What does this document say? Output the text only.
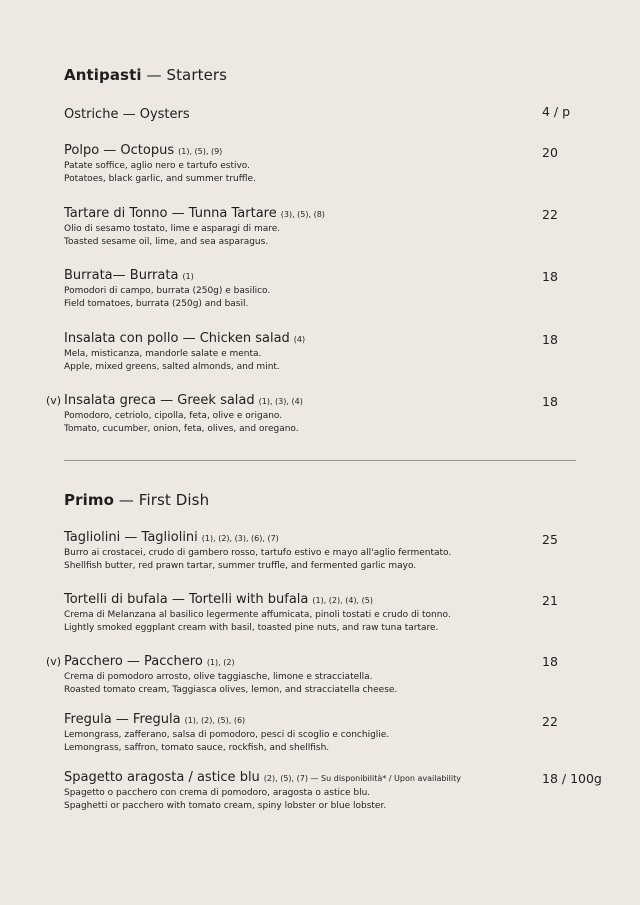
Antipasti — Starters
Ostriche — Oysters	4 / p
Polpo — Octopus (1), (5), (9)
Patate soffice, aglio nero e tartufo estivo.
Potatoes, black garlic, and summer truffle.
20
Tartare di Tonno — Tunna Tartare (3), (5), (8)
Olio di sesamo tostato, lime e asparagi di mare.
Toasted sesame oil, lime, and sea asparagus.
22
Burrata— Burrata (1)
Pomodori di campo, burrata (250g) e basilico.
Field tomatoes, burrata (250g) and basil.
18
Insalata con pollo — Chicken salad (4)
Mela, misticanza, mandorle salate e menta.
Apple, mixed greens, salted almonds, and mint.
18
(v) Insalata greca — Greek salad (1), (3), (4)
Pomodoro, cetriolo, cipolla, feta, olive e origano.
Tomato, cucumber, onion, feta, olives, and oregano.
18
Primo — First Dish
Tagliolini — Tagliolini (1), (2), (3), (6), (7)
Burro ai crostacei, crudo di gambero rosso, tartufo estivo e mayo all'aglio fermentato.
Shellfish butter, red prawn tartar, summer truffle, and fermented garlic mayo.
25
Tortelli di bufala — Tortelli with bufala (1), (2), (4), (5)
Crema di Melanzana al basilico legermente affumicata, pinoli tostati e crudo di tonno.
Lightly smoked eggplant cream with basil, toasted pine nuts, and raw tuna tartare.
21
(v) Pacchero — Pacchero (1), (2)
Crema di pomodoro arrosto, olive taggiasche, limone e stracciatella.
Roasted tomato cream, Taggiasca olives, lemon, and stracciatella cheese.
18
Fregula — Fregula (1), (2), (5), (6)
Lemongrass, zafferano, salsa di pomodoro, pesci di scoglio e conchiglie.
Lemongrass, saffron, tomato sauce, rockfish, and shellfish.
22
Spagetto aragosta / astice blu (2), (5), (7) — Su disponibilità* / Upon availability
Spagetto o pacchero con crema di pomodoro, aragosta o astice blu.
Spaghetti or pacchero with tomato cream, spiny lobster or blue lobster.
18 / 100g
